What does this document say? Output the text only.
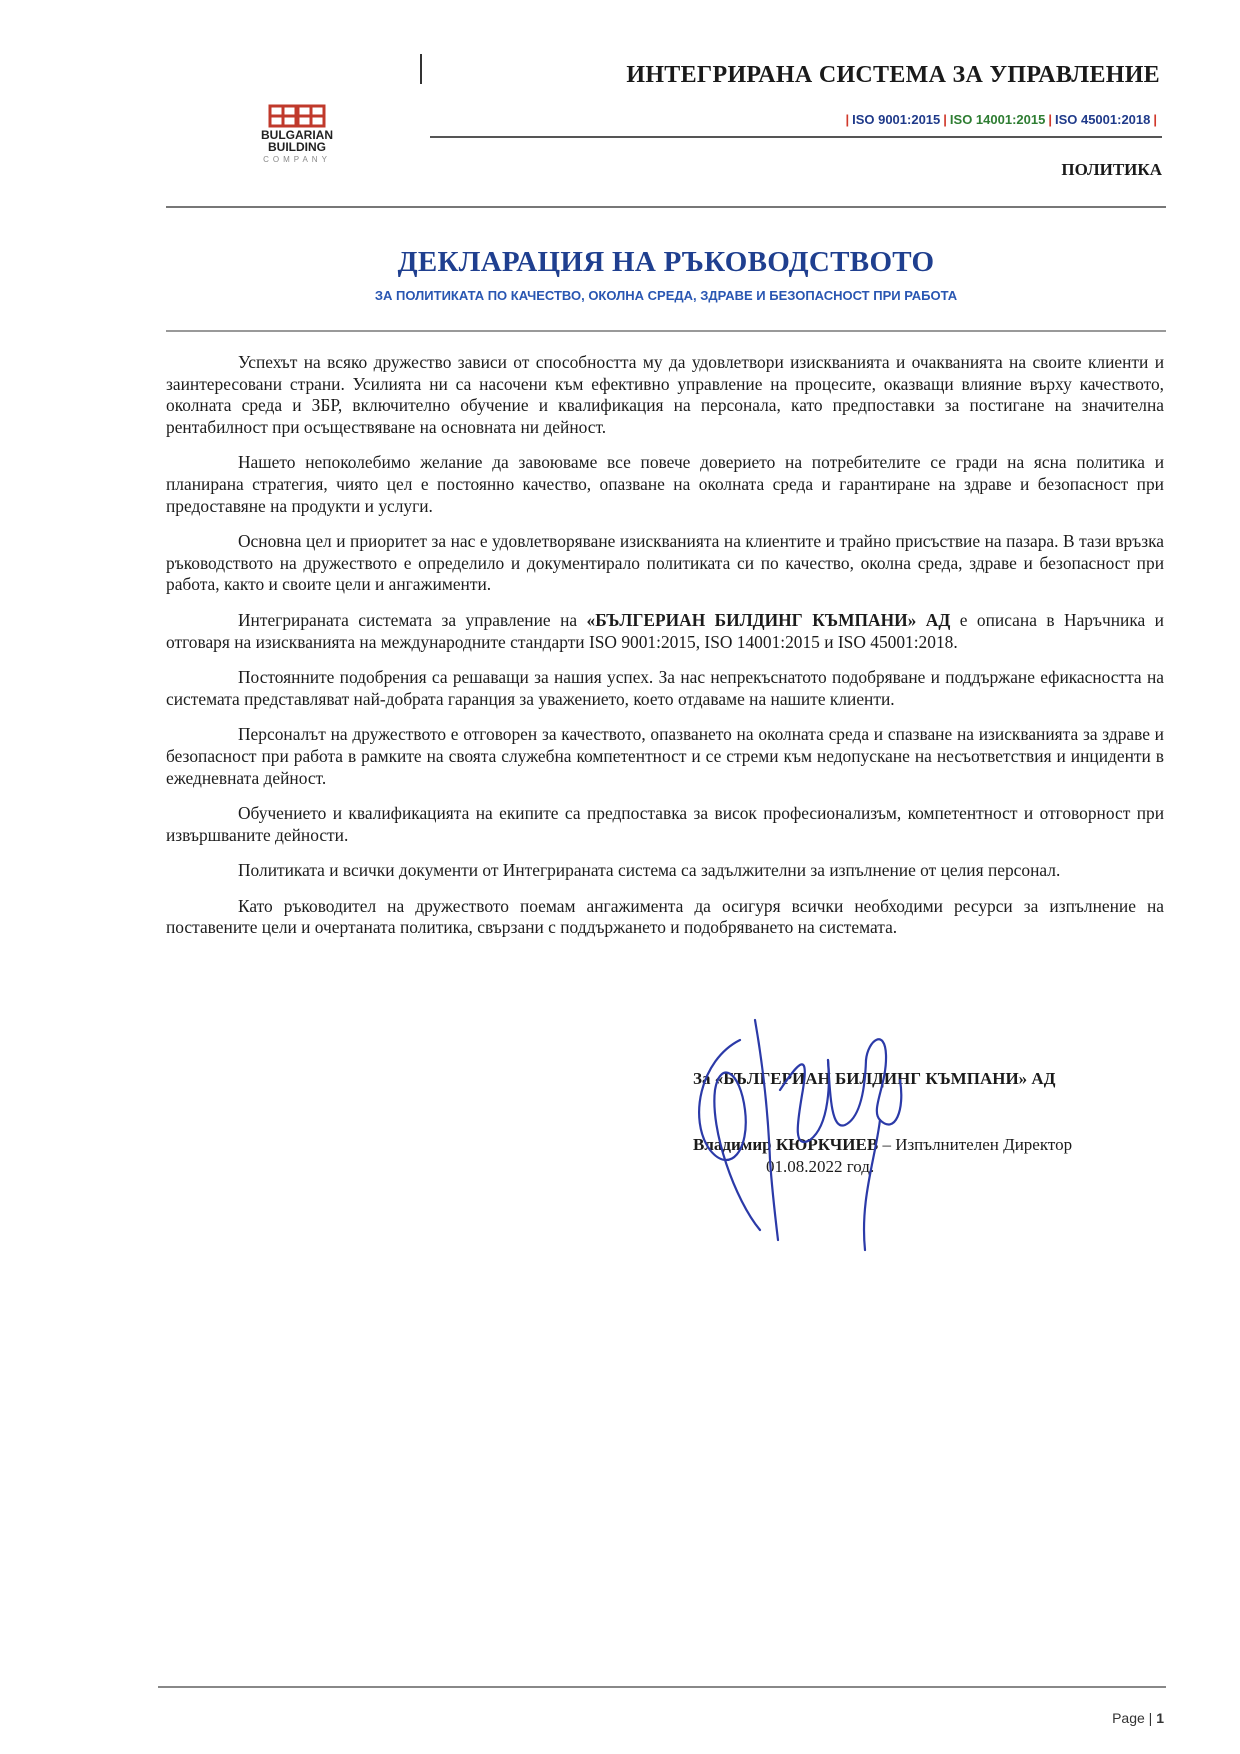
BULGARIAN
BUILDING
COMPANY
ИНТЕГРИРАНА СИСТЕМА ЗА УПРАВЛЕНИЕ
| ISO 9001:2015 | ISO 14001:2015 | ISO 45001:2018 |
ПОЛИТИКА
ДЕКЛАРАЦИЯ НА РЪКОВОДСТВОТО
ЗА ПОЛИТИКАТА ПО КАЧЕСТВО, ОКОЛНА СРЕДА, ЗДРАВЕ И БЕЗОПАСНОСТ ПРИ РАБОТА

Успехът на всяко дружество зависи от способността му да удовлетвори изискванията и очакванията на своите клиенти и заинтересовани страни. Усилията ни са насочени към ефективно управление на процесите, оказващи влияние върху качеството, околната среда и ЗБР, включително обучение и квалификация на персонала, като предпоставки за постигане на значителна рентабилност при осъществяване на основната ни дейност.

Нашето непоколебимо желание да завоюваме все повече доверието на потребителите се гради на ясна политика и планирана стратегия, чиято цел е постоянно качество, опазване на околната среда и гарантиране на здраве и безопасност при предоставяне на продукти и услуги.

Основна цел и приоритет за нас е удовлетворяване изискванията на клиентите и трайно присъствие на пазара. В тази връзка ръководството на дружеството е определило и документирало политиката си по качество, околна среда, здраве и безопасност при работа, както и своите цели и ангажименти.

Интегрираната системата за управление на «БЪЛГЕРИАН БИЛДИНГ КЪМПАНИ» АД е описана в Наръчника и отговаря на изискванията на международните стандарти ISO 9001:2015, ISO 14001:2015 и ISO 45001:2018.

Постоянните подобрения са решаващи за нашия успех. За нас непрекъснатото подобряване и поддържане ефикасността на системата представляват най-добрата гаранция за уважението, което отдаваме на нашите клиенти.

Персоналът на дружеството е отговорен за качеството, опазването на околната среда и спазване на изискванията за здраве и безопасност при работа в рамките на своята служебна компетентност и се стреми към недопускане на несъответствия и инциденти в ежедневната дейност.

Обучението и квалификацията на екипите са предпоставка за висок професионализъм, компетентност и отговорност при извършваните дейности.

Политиката и всички документи от Интегрираната система са задължителни за изпълнение от целия персонал.

Като ръководител на дружеството поемам ангажимента да осигуря всички необходими ресурси за изпълнение на поставените цели и очертаната политика, свързани с поддържането и подобряването на системата.

За «БЪЛГЕРИАН БИЛДИНГ КЪМПАНИ» АД
Владимир КЮРКЧИЕВ – Изпълнителен Директор
01.08.2022 год.
Page | 1
